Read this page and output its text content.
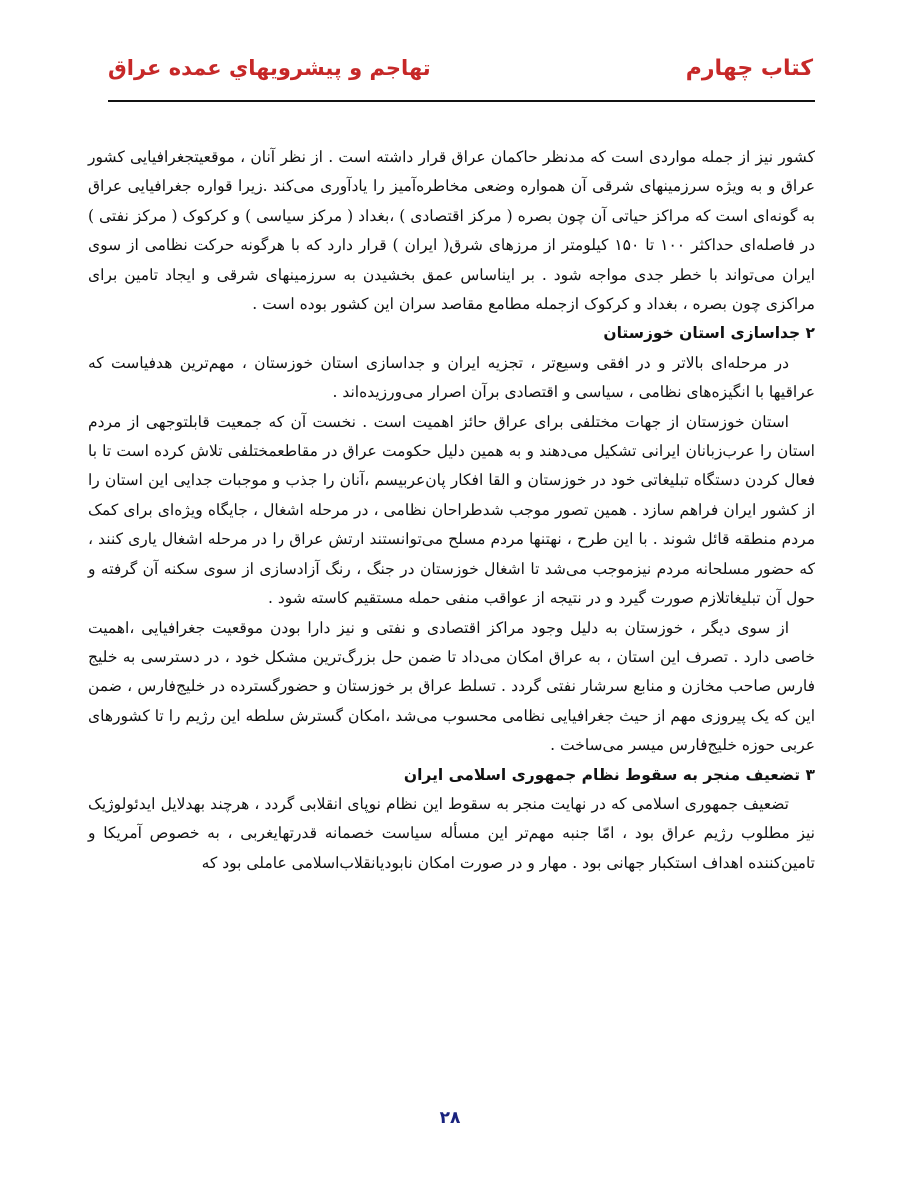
کتاب چهارم
تهاجم و پیشرویهاي عمده عراق

کشور نیز از جمله مواردی است که مدنظر حاکمان عراق قرار داشته است . از نظر آنان ، موقعیتجغرافیایی کشور عراق و به ویژه سرزمینهای شرقی آن همواره وضعی مخاطره‌آمیز را یادآوری می‌کند .زیرا قواره جغرافیایی عراق به گونه‌ای است که مراکز حیاتی آن چون بصره ( مرکز اقتصادی ) ،بغداد ( مرکز سیاسی ) و کرکوک ( مرکز نفتی ) در فاصله‌ای حداکثر ۱۰۰ تا ۱۵۰ کیلومتر از مرزهای شرق( ایران ) قرار دارد که با هرگونه حرکت نظامی از سوی ایران می‌تواند با خطر جدی مواجه شود . بر ایناساس عمق بخشیدن به سرزمینهای شرقی و ایجاد تامین برای مراکزی چون بصره ، بغداد و کرکوک ازجمله مطامع مقاصد سران این کشور بوده است .

۲ جداسازی استان خوزستان

در مرحله‌ای بالاتر و در افقی وسیع‌تر ، تجزیه ایران و جداسازی استان خوزستان ، مهم‌ترین هدفیاست که عراقیها با انگیزه‌های نظامی ، سیاسی و اقتصادی برآن اصرار می‌ورزیده‌اند .

استان خوزستان از جهات مختلفی برای عراق حائز اهمیت است . نخست آن که جمعیت قابلتوجهی از مردم استان را عرب‌زبانان ایرانی تشکیل می‌دهند و به همین دلیل حکومت عراق در مقاطعمختلفی تلاش کرده است تا با فعال کردن دستگاه تبلیغاتی خود در خوزستان و القا افکار پان‌عربیسم ،آنان را جذب و موجبات جدایی این استان را از کشور ایران فراهم سازد . همین تصور موجب شدطراحان نظامی ، در مرحله اشغال ، جایگاه ویژه‌ای برای کمک مردم منطقه قائل شوند . با این طرح ، نهتنها مردم مسلح می‌توانستند ارتش عراق را در مرحله اشغال یاری کنند ، که حضور مسلحانه مردم نیزموجب می‌شد تا اشغال خوزستان در جنگ ، رنگ آزادسازی از سوی سکنه آن گرفته و حول آن تبلیغاتلازم صورت گیرد و در نتیجه از عواقب منفی حمله مستقیم کاسته شود .

از سوی دیگر ، خوزستان به دلیل وجود مراکز اقتصادی و نفتی و نیز دارا بودن موقعیت جغرافیایی ،اهمیت خاصی دارد . تصرف این استان ، به عراق امکان می‌داد تا ضمن حل بزرگ‌ترین مشکل خود ، در دسترسی به خلیج فارس صاحب مخازن و منابع سرشار نفتی گردد . تسلط عراق بر خوزستان و حضورگسترده در خلیج‌فارس ، ضمن این که یک پیروزی مهم از حیث جغرافیایی نظامی محسوب می‌شد ،امکان گسترش سلطه این رژیم را تا کشورهای عربی حوزه خلیج‌فارس میسر می‌ساخت .

۳ تضعیف منجر به سقوط نظام جمهوری اسلامی ایران

تضعیف جمهوری اسلامی که در نهایت منجر به سقوط این نظام نوپای انقلابی گردد ، هرچند بهدلایل ایدئولوژیک نیز مطلوب رژیم عراق بود ، امّا جنبه مهم‌تر این مسأله سیاست خصمانه قدرتهایغربی ، به خصوص آمریکا و تامین‌کننده اهداف استکبار جهانی بود . مهار و در صورت امکان نابودیانقلاب‌اسلامی عاملی بود که

۲۸
